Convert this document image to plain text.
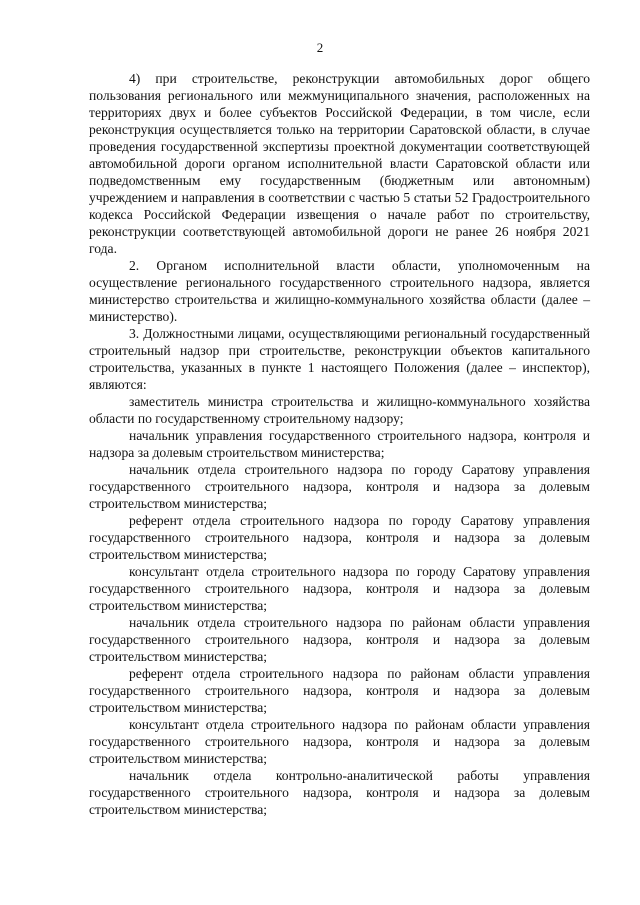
2

4) при строительстве, реконструкции автомобильных дорог общего пользования регионального или межмуниципального значения, расположенных на территориях двух и более субъектов Российской Федерации, в том числе, если реконструкция осуществляется только на территории Саратовской области, в случае проведения государственной экспертизы проектной документации соответствующей автомобильной дороги органом исполнительной власти Саратовской области или подведомственным ему государственным (бюджетным или автономным) учреждением и направления в соответствии с частью 5 статьи 52 Градостроительного кодекса Российской Федерации извещения о начале работ по строительству, реконструкции соответствующей автомобильной дороги не ранее 26 ноября 2021 года.

2. Органом исполнительной власти области, уполномоченным на осуществление регионального государственного строительного надзора, является министерство строительства и жилищно-коммунального хозяйства области (далее – министерство).

3. Должностными лицами, осуществляющими региональный государственный строительный надзор при строительстве, реконструкции объектов капитального строительства, указанных в пункте 1 настоящего Положения (далее – инспектор), являются:

заместитель министра строительства и жилищно-коммунального хозяйства области по государственному строительному надзору;

начальник управления государственного строительного надзора, контроля и надзора за долевым строительством министерства;

начальник отдела строительного надзора по городу Саратову управления государственного строительного надзора, контроля и надзора за долевым строительством министерства;

референт отдела строительного надзора по городу Саратову управления государственного строительного надзора, контроля и надзора за долевым строительством министерства;

консультант отдела строительного надзора по городу Саратову управления государственного строительного надзора, контроля и надзора за долевым строительством министерства;

начальник отдела строительного надзора по районам области управления государственного строительного надзора, контроля и надзора за долевым строительством министерства;

референт отдела строительного надзора по районам области управления государственного строительного надзора, контроля и надзора за долевым строительством министерства;

консультант отдела строительного надзора по районам области управления государственного строительного надзора, контроля и надзора за долевым строительством министерства;

начальник отдела контрольно-аналитической работы управления государственного строительного надзора, контроля и надзора за долевым строительством министерства;
